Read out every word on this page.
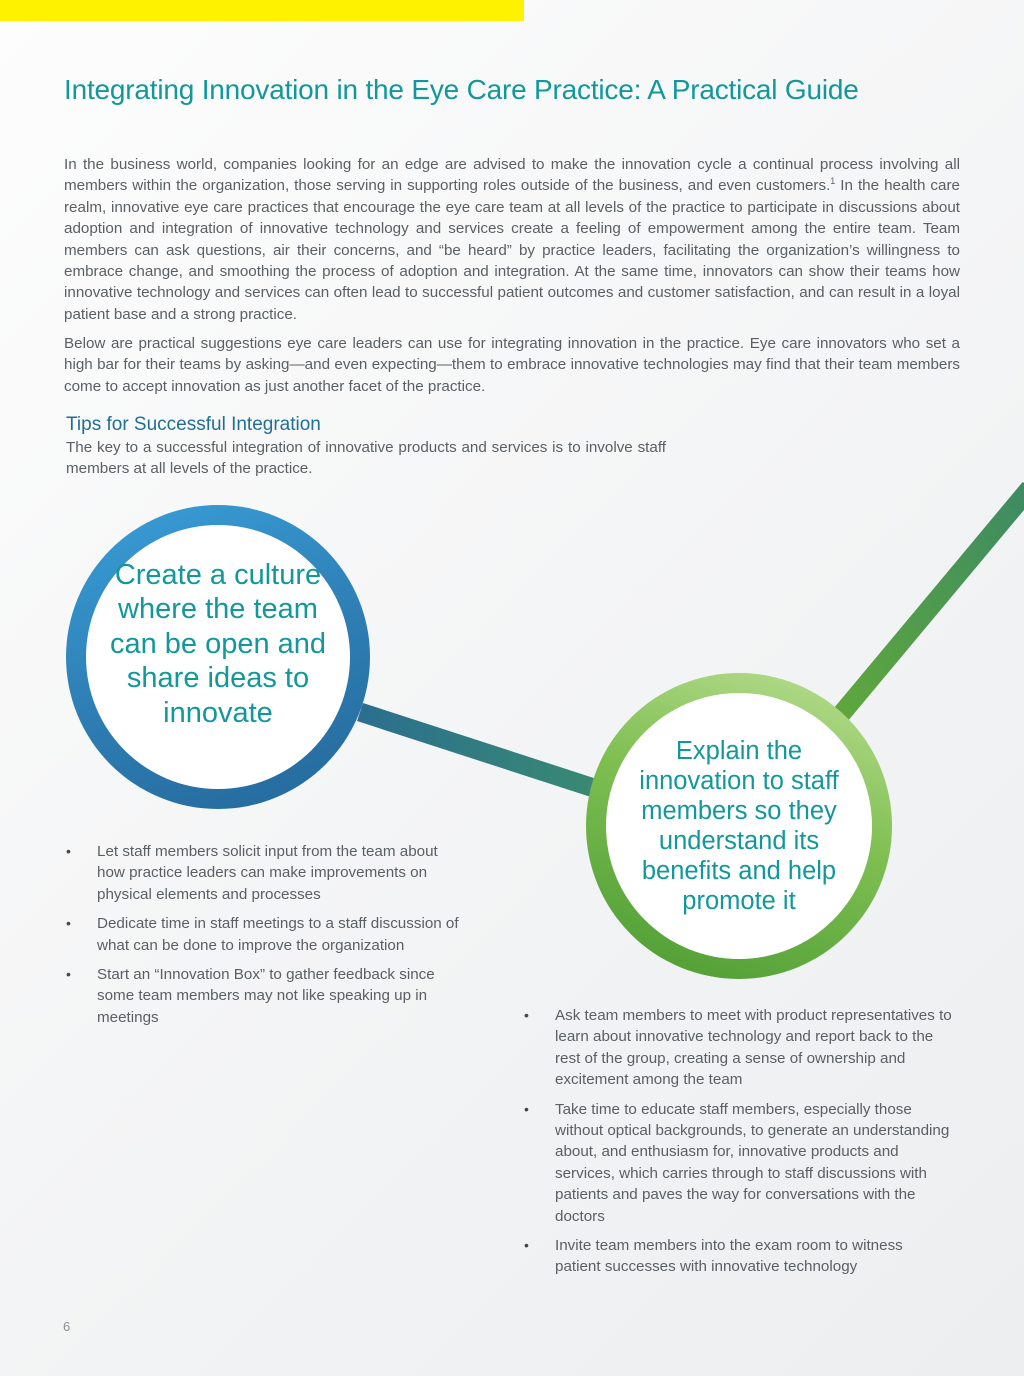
Integrating Innovation in the Eye Care Practice: A Practical Guide

In the business world, companies looking for an edge are advised to make the innovation cycle a continual process involving all members within the organization, those serving in supporting roles outside of the business, and even customers.$^1$ In the health care realm, innovative eye care practices that encourage the eye care team at all levels of the practice to participate in discussions about adoption and integration of innovative technology and services create a feeling of empowerment among the entire team. Team members can ask questions, air their concerns, and “be heard” by practice leaders, facilitating the organization’s willingness to embrace change, and smoothing the process of adoption and integration. At the same time, innovators can show their teams how innovative technology and services can often lead to successful patient outcomes and customer satisfaction, and can result in a loyal patient base and a strong practice.

Below are practical suggestions eye care leaders can use for integrating innovation in the practice. Eye care innovators who set a high bar for their teams by asking—and even expecting—them to embrace innovative technologies may find that their team members come to accept innovation as just another facet of the practice.

Tips for Successful Integration

The key to a successful integration of innovative products and services is to involve staff members at all levels of the practice.

Create a culture where the team can be open and share ideas to innovate
Explain the innovation to staff members so they understand its benefits and help promote it
• Let staff members solicit input from the team about how practice leaders can make improvements on physical elements and processes
• Dedicate time in staff meetings to a staff discussion of what can be done to improve the organization
• Start an “Innovation Box” to gather feedback since some team members may not like speaking up in meetings	• Ask team members to meet with product representatives to learn about innovative technology and report back to the rest of the group, creating a sense of ownership and excitement among the team
• Take time to educate staff members, especially those without optical backgrounds, to generate an understanding about, and enthusiasm for, innovative products and services, which carries through to staff discussions with patients and paves the way for conversations with the doctors
• Invite team members into the exam room to witness patient successes with innovative technology
6
